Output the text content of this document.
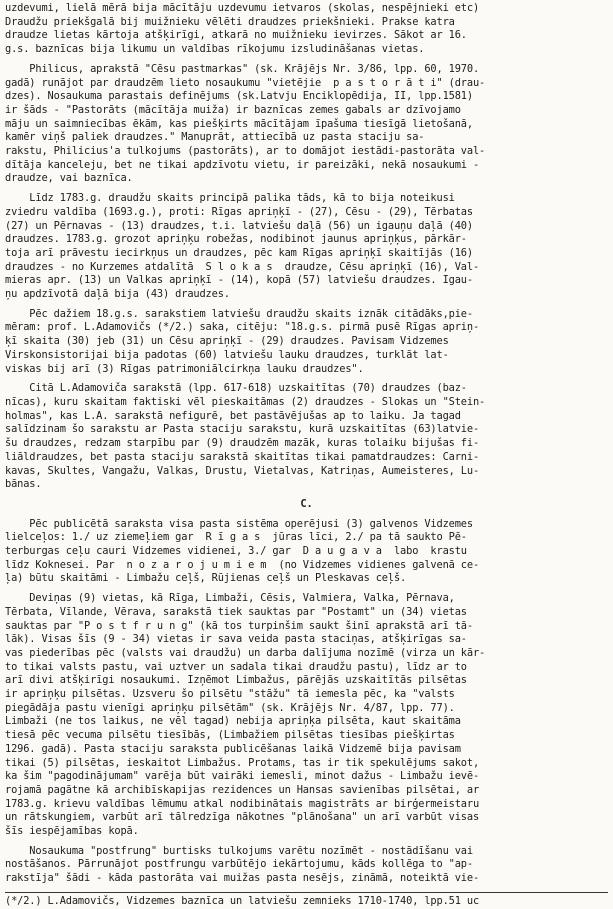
uzdevumi, lielā mērā bija mācītāju uzdevumu ietvaros (skolas, nespējnieki etc)
Draudžu priekšgalā bij muižnieku vēlēti draudzes priekšnieki. Prakse katra
draudze lietas kārtoja atšķirīgi, atkarā no muižnieku ievirzes. Sākot ar 16.
g.s. baznīcas bija likumu un valdības rīkojumu izsludināšanas vietas.
Philicus, aprakstā "Cēsu pastmarkas" (sk. Krājējs Nr. 3/86, lpp. 60, 1970.
gadā) runājot par draudzēm lieto nosaukumu "vietējie  p a s t o r ā t i" (drau-
dzes). Nosaukuma parastais definējums (sk.Latvju Enciklopēdija, II, lpp.1581)
ir šāds - "Pastorāts (mācītāja muiža) ir baznīcas zemes gabals ar dzīvojamo
māju un saimniecības ēkām, kas piešķirts mācītājam īpašuma tiesīgā lietošanā,
kamēr viņš paliek draudzes." Manuprāt, attiecībā uz pasta staciju sa-
rakstu, Philicius'a tulkojums (pastorāts), ar to domājot iestādi-pastorāta val-
dītāja kanceleju, bet ne tikai apdzīvotu vietu, ir pareizāki, nekā nosaukumi -
draudze, vai baznīca.
Līdz 1783.g. draudžu skaits principā palika tāds, kā to bija noteikusi
zviedru valdība (1693.g.), proti: Rīgas apriņķī - (27), Cēsu - (29), Tērbatas
(27) un Pērnavas - (13) draudzes, t.i. latviešu daļā (56) un igauņu daļā (40)
draudzes. 1783.g. grozot apriņķu robežas, nodibinot jaunus apriņķus, pārkār-
toja arī prāvestu iecirkņus un draudzes, pēc kam Rīgas apriņķī skaitījās (16)
draudzes - no Kurzemes atdalītā  S l o k a s  draudze, Cēsu apriņķī (16), Val-
mieras apr. (13) un Valkas apriņķī - (14), kopā (57) latviešu draudzes. Igau-
ņu apdzīvotā daļā bija (43) draudzes.
Pēc dažiem 18.g.s. sarakstiem latviešu draudžu skaits iznāk citādāks,pie-
mēram: prof. L.Adamovičs (*/2.) saka, citēju: "18.g.s. pirmā pusē Rīgas apriņ-
ķī skaita (30) jeb (31) un Cēsu apriņķī - (29) draudzes. Pavisam Vidzemes
Virskonsistorijai bija padotas (60) latviešu lauku draudzes, turklāt lat-
viskas bij arī (3) Rīgas patrimoniālcirkņa lauku draudzes".
Citā L.Adamoviča sarakstā (lpp. 617-618) uzskaitītas (70) draudzes (baz-
nīcas), kuru skaitam faktiski vēl pieskaitāmas (2) draudzes - Slokas un "Stein-
holmas", kas L.A. sarakstā nefigurē, bet pastāvējušas ap to laiku. Ja tagad
salīdzinam šo sarakstu ar Pasta staciju sarakstu, kurā uzskaitītas (63)latvie-
šu draudzes, redzam starpību par (9) draudzēm mazāk, kuras tolaiku bijušas fi-
liāldraudzes, bet pasta staciju sarakstā skaitītas tikai pamatdraudzes: Carni-
kavas, Skultes, Vangažu, Valkas, Drustu, Vietalvas, Katriņas, Aumeisteres, Lu-
bānas.
C.
Pēc publicētā saraksta visa pasta sistēma operējusi (3) galvenos Vidzemes
lielceļos: 1./ uz ziemeļiem gar  R ī g a s  jūras līci, 2./ pa tā saukto Pē-
terburgas ceļu cauri Vidzemes vidienei, 3./ gar  D a u g a v a  labo  krastu
līdz Koknesei. Par  n o z a r o j u m i e m  (no Vidzemes vidienes galvenā ce-
ļa) būtu skaitāmi - Limbažu ceļš, Rūjienas ceļš un Pleskavas ceļš.
Deviņas (9) vietas, kā Rīga, Limbaži, Cēsis, Valmiera, Valka, Pērnava,
Tērbata, Vīlande, Vērava, sarakstā tiek sauktas par "Postamt" un (34) vietas
sauktas par "P o s t f r u n g" (kā tos turpinšim saukt šinī aprakstā arī tā-
lāk). Visas šīs (9 - 34) vietas ir sava veida pasta staciņas, atšķirīgas sa-
vas piederības pēc (valsts vai draudžu) un darba dalījuma nozīmē (virza un kār-
to tikai valsts pastu, vai uztver un sadala tikai draudžu pastu), līdz ar to
arī divi atšķirīgi nosaukumi. Izņēmot Limbažus, pārējās uzskaitītās pilsētas
ir apriņķu pilsētas. Uzsveru šo pilsētu "stāžu" tā iemesla pēc, ka "valsts
piegādāja pastu vienīgi apriņķu pilsētām" (sk. Krājējs Nr. 4/87, lpp. 77).
Limbaži (ne tos laikus, ne vēl tagad) nebija apriņķa pilsēta, kaut skaitāma
tiesā pēc vecuma pilsētu tiesībās, (Limbažiem pilsētas tiesības piešķirtas
1296. gadā). Pasta staciju saraksta publicēšanas laikā Vidzemē bija pavisam
tikai (5) pilsētas, ieskaitot Limbažus. Protams, tas ir tik spekulējums sakot,
ka šim "pagodinājumam" varēja būt vairāki iemesli, minot dažus - Limbažu ievē-
rojamā pagātne kā archibīskapijas rezidences un Hansas savienības pilsētai, ar
1783.g. krievu valdības lēmumu atkal nodibinātais magistrāts ar birģermeistaru
un rātskungiem, varbūt arī tālredzīga nākotnes "plānošana" un arī varbūt visas
šīs iespējamības kopā.
Nosaukuma "postfrung" burtisks tulkojums varētu nozīmēt - nostādīšanu vai
nostāšanos. Pārrunājot postfrungu varbūtējo iekārtojumu, kāds kollēga to "ap-
rakstīja" šādi - kāda pastorāta vai muižas pasta nesējs, zināmā, noteiktā vie-
(*/2.) L.Adamovičs, Vidzemes baznīca un latviešu zemnieks 1710-1740, lpp.51 uc
